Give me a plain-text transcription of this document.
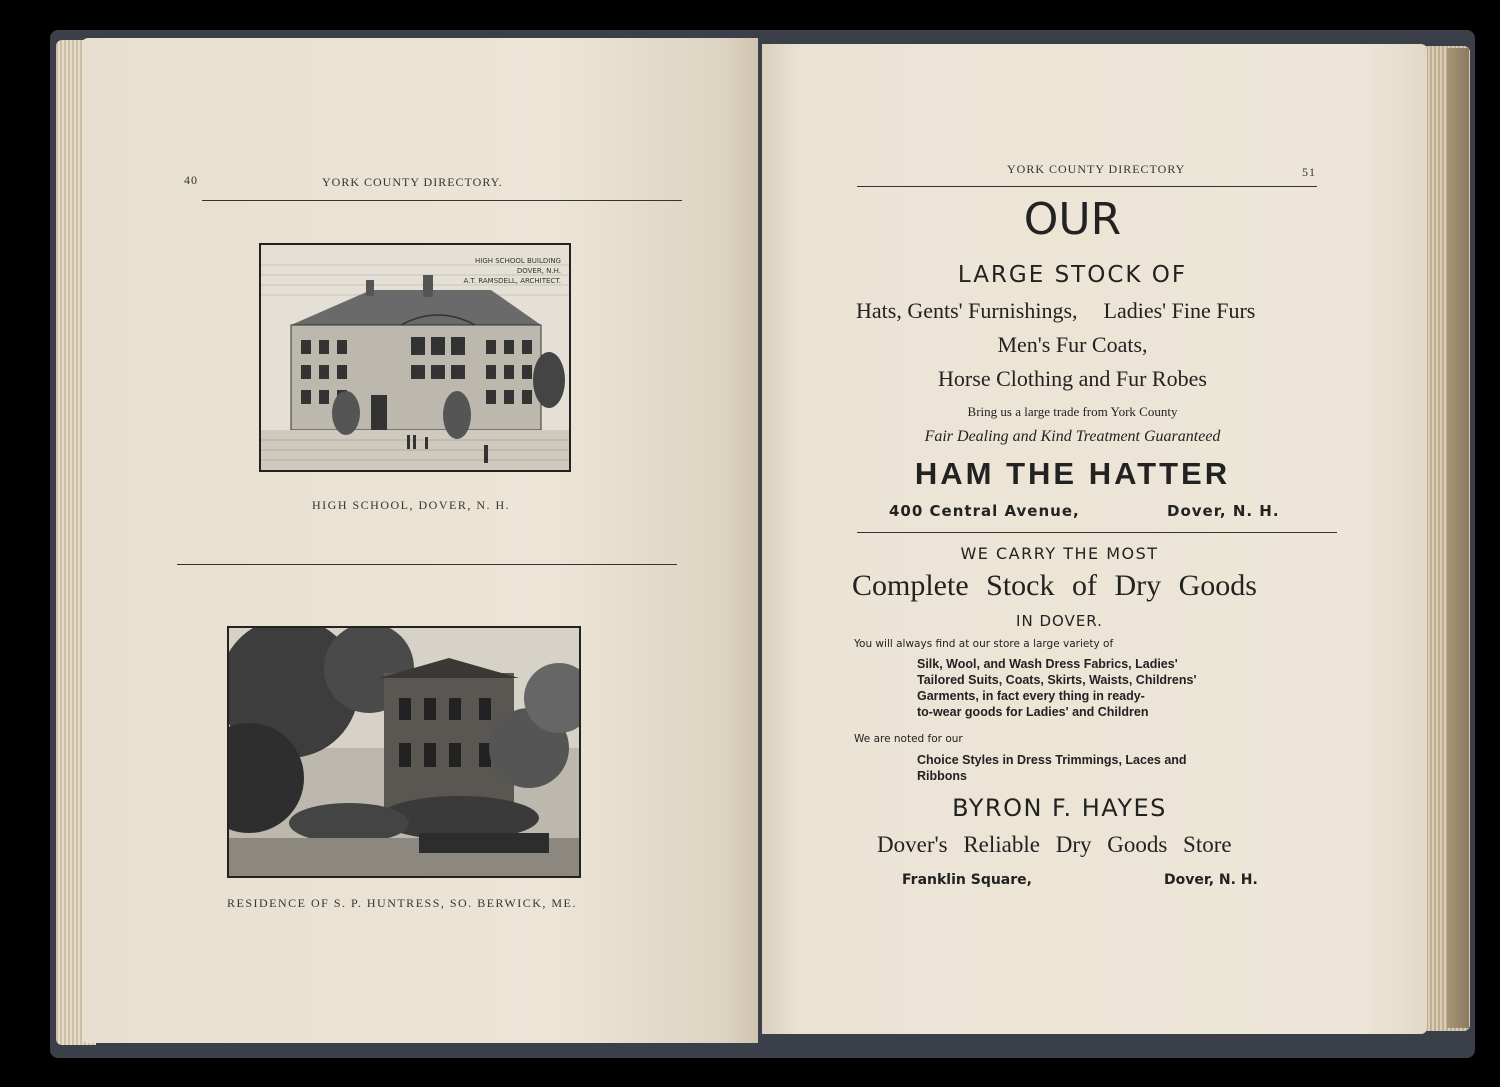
40	YORK COUNTY DIRECTORY.
HIGH SCHOOL BUILDING
DOVER, N.H.
A.T. RAMSDELL, ARCHITECT.
HIGH SCHOOL, DOVER, N. H.
RESIDENCE OF S. P. HUNTRESS, SO. BERWICK, ME.
YORK COUNTY DIRECTORY	51
OUR
LARGE STOCK OF
Hats, Gents' Furnishings, Ladies' Fine Furs
Men's Fur Coats,
Horse Clothing and Fur Robes
Bring us a large trade from York County
Fair Dealing and Kind Treatment Guaranteed
HAM THE HATTER
400 Central Avenue,	Dover, N. H.
WE CARRY THE MOST
Complete Stock of Dry Goods
IN DOVER.
You will always find at our store a large variety of
Silk, Wool, and Wash Dress Fabrics, Ladies'
Tailored Suits, Coats, Skirts, Waists, Childrens'
Garments, in fact every thing in ready-
to-wear goods for Ladies' and Children
We are noted for our
Choice Styles in Dress Trimmings, Laces and
Ribbons
BYRON F. HAYES
Dover's Reliable Dry Goods Store
Franklin Square,	Dover, N. H.
